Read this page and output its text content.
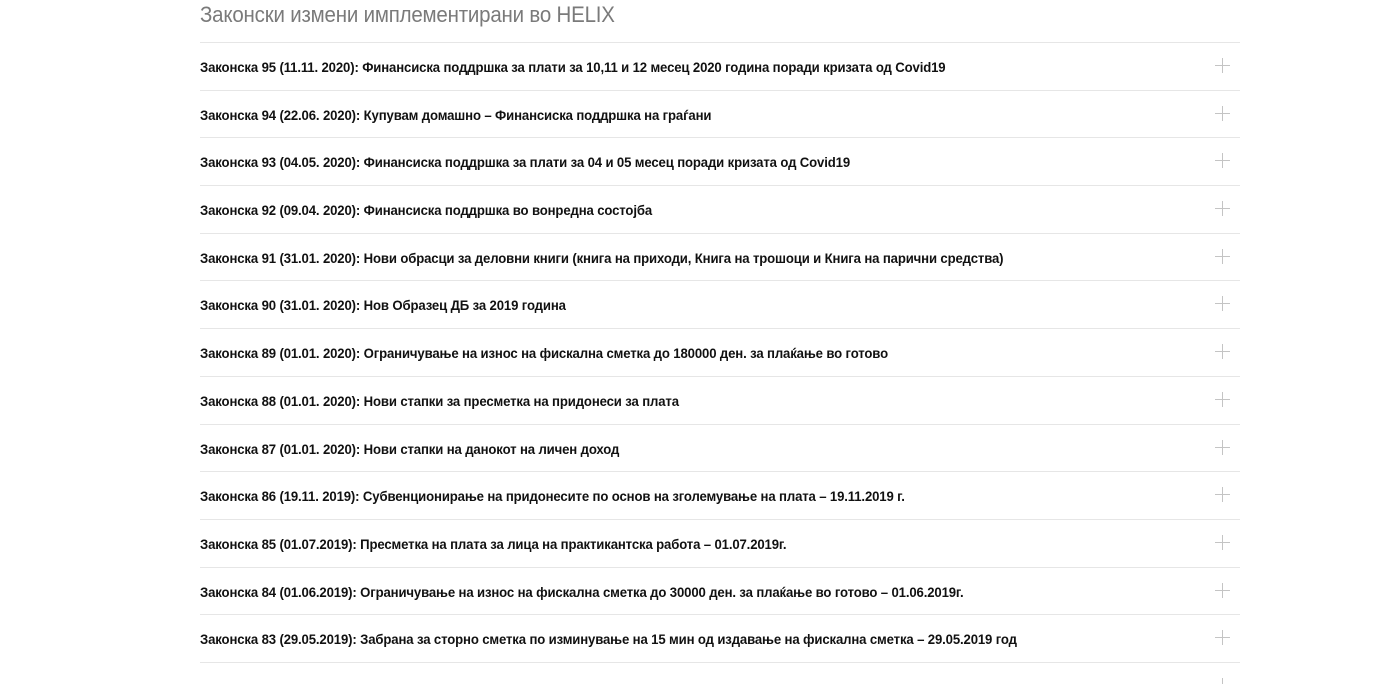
Законски измени имплементирани во HELIX
Законска 95 (11.11. 2020): Финансиска поддршка за плати за 10,11 и 12 месец 2020 година поради кризата од Covid19
Законска 94 (22.06. 2020): Купувам домашно – Финансиска поддршка на граѓани
Законска 93 (04.05. 2020): Финансиска поддршка за плати за 04 и 05 месец поради кризата од Covid19
Законска 92 (09.04. 2020): Финансиска поддршка во вонредна состојба
Законска 91 (31.01. 2020): Нови обрасци за деловни книги (книга на приходи, Книга на трошоци и Книга на парични средства)
Законска 90 (31.01. 2020): Нов Образец ДБ за 2019 година
Законска 89 (01.01. 2020): Ограничување на износ на фискална сметка до 180000 ден. за плаќање во готово
Законска 88 (01.01. 2020): Нови стапки за пресметка на придонеси за плата
Законска 87 (01.01. 2020): Нови стапки на данокот на личен доход
Законска 86 (19.11. 2019): Субвенционирање на придонесите по основ на зголемување на плата – 19.11.2019 г.
Законска 85 (01.07.2019): Пресметка на плата за лица на практикантска работа – 01.07.2019г.
Законска 84 (01.06.2019): Ограничување на износ на фискална сметка до 30000 ден. за плаќање во готово – 01.06.2019г.
Законска 83 (29.05.2019): Забрана за сторно сметка по изминување на 15 мин од издавање на фискална сметка – 29.05.2019 год
